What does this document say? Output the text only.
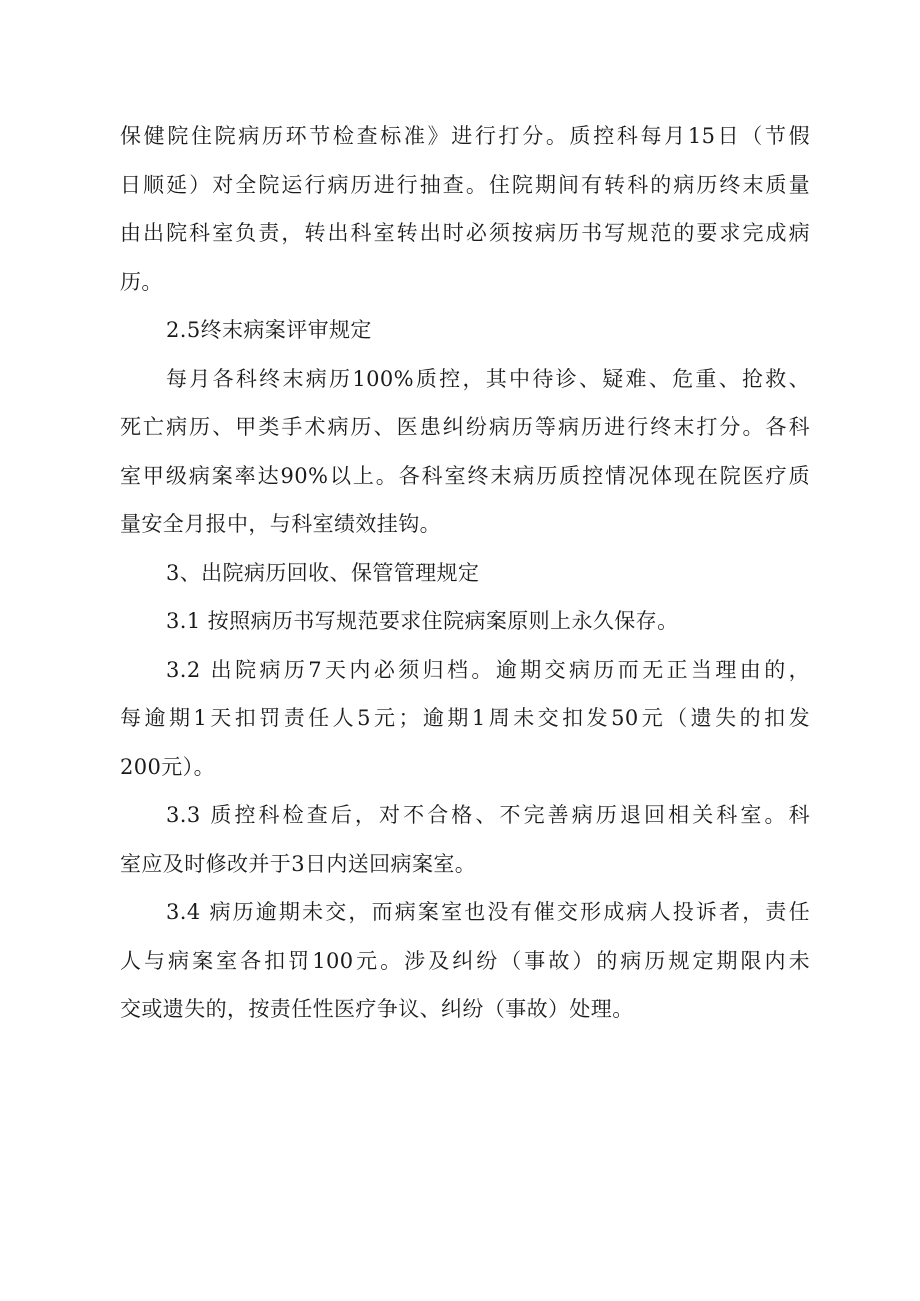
保健院住院病历环节检查标准》进行打分。质控科每月15日（节假
日顺延）对全院运行病历进行抽查。住院期间有转科的病历终末质量
由出院科室负责，转出科室转出时必须按病历书写规范的要求完成病
历。
2.5终末病案评审规定
每月各科终末病历100%质控，其中待诊、疑难、危重、抢救、
死亡病历、甲类手术病历、医患纠纷病历等病历进行终末打分。各科
室甲级病案率达90%以上。各科室终末病历质控情况体现在院医疗质
量安全月报中，与科室绩效挂钩。
3、出院病历回收、保管管理规定
3.1 按照病历书写规范要求住院病案原则上永久保存。
3.2 出院病历7天内必须归档。逾期交病历而无正当理由的，
每逾期1天扣罚责任人5元；逾期1周未交扣发50元（遗失的扣发
200元）。
3.3 质控科检查后，对不合格、不完善病历退回相关科室。科
室应及时修改并于3日内送回病案室。
3.4 病历逾期未交，而病案室也没有催交形成病人投诉者，责任
人与病案室各扣罚100元。涉及纠纷（事故）的病历规定期限内未
交或遗失的，按责任性医疗争议、纠纷（事故）处理。
